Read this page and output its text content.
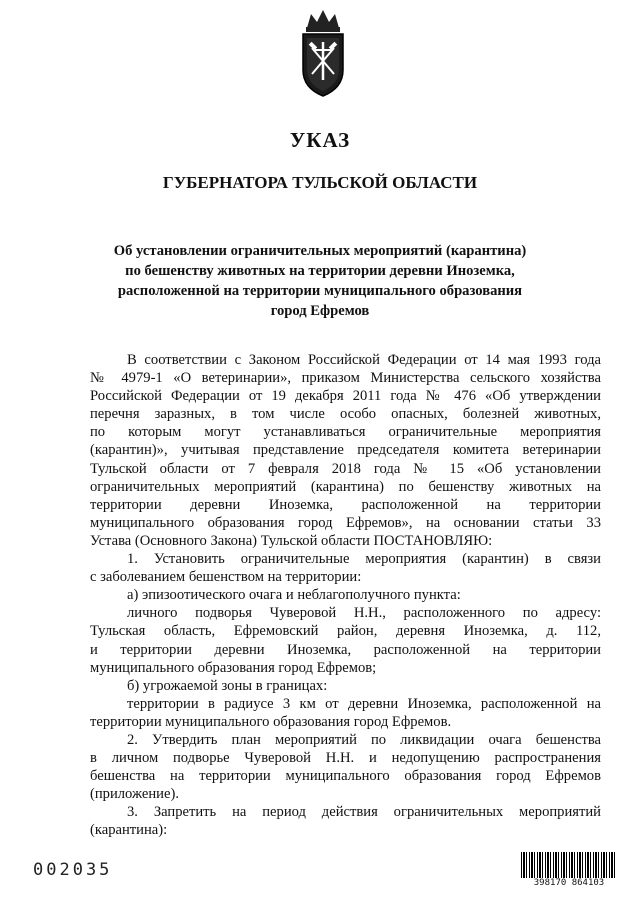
УКАЗ
ГУБЕРНАТОРА ТУЛЬСКОЙ ОБЛАСТИ
Об установлении ограничительных мероприятий (карантина)
по бешенству животных на территории деревни Иноземка,
расположенной на территории муниципального образования
город Ефремов
В соответствии с Законом Российской Федерации от 14 мая 1993 года
№ 4979-1 «О ветеринарии», приказом Министерства сельского хозяйства
Российской Федерации от 19 декабря 2011 года № 476 «Об утверждении
перечня заразных, в том числе особо опасных, болезней животных,
по которым могут устанавливаться ограничительные мероприятия
(карантин)», учитывая представление председателя комитета ветеринарии
Тульской области от 7 февраля 2018 года № 15 «Об установлении
ограничительных мероприятий (карантина) по бешенству животных на
территории деревни Иноземка, расположенной на территории
муниципального образования город Ефремов», на основании статьи 33
Устава (Основного Закона) Тульской области ПОСТАНОВЛЯЮ:
1. Установить ограничительные мероприятия (карантин) в связи
с заболеванием бешенством на территории:
а) эпизоотического очага и неблагополучного пункта:
личного подворья Чуверовой Н.Н., расположенного по адресу:
Тульская область, Ефремовский район, деревня Иноземка, д. 112,
и территории деревни Иноземка, расположенной на территории
муниципального образования город Ефремов;
б) угрожаемой зоны в границах:
территории в радиусе 3 км от деревни Иноземка, расположенной на
территории муниципального образования город Ефремов.
2. Утвердить план мероприятий по ликвидации очага бешенства
в личном подворье Чуверовой Н.Н. и недопущению распространения
бешенства на территории муниципального образования город Ефремов
(приложение).
3. Запретить на период действия ограничительных мероприятий
(карантина):
002035
398170 864103
